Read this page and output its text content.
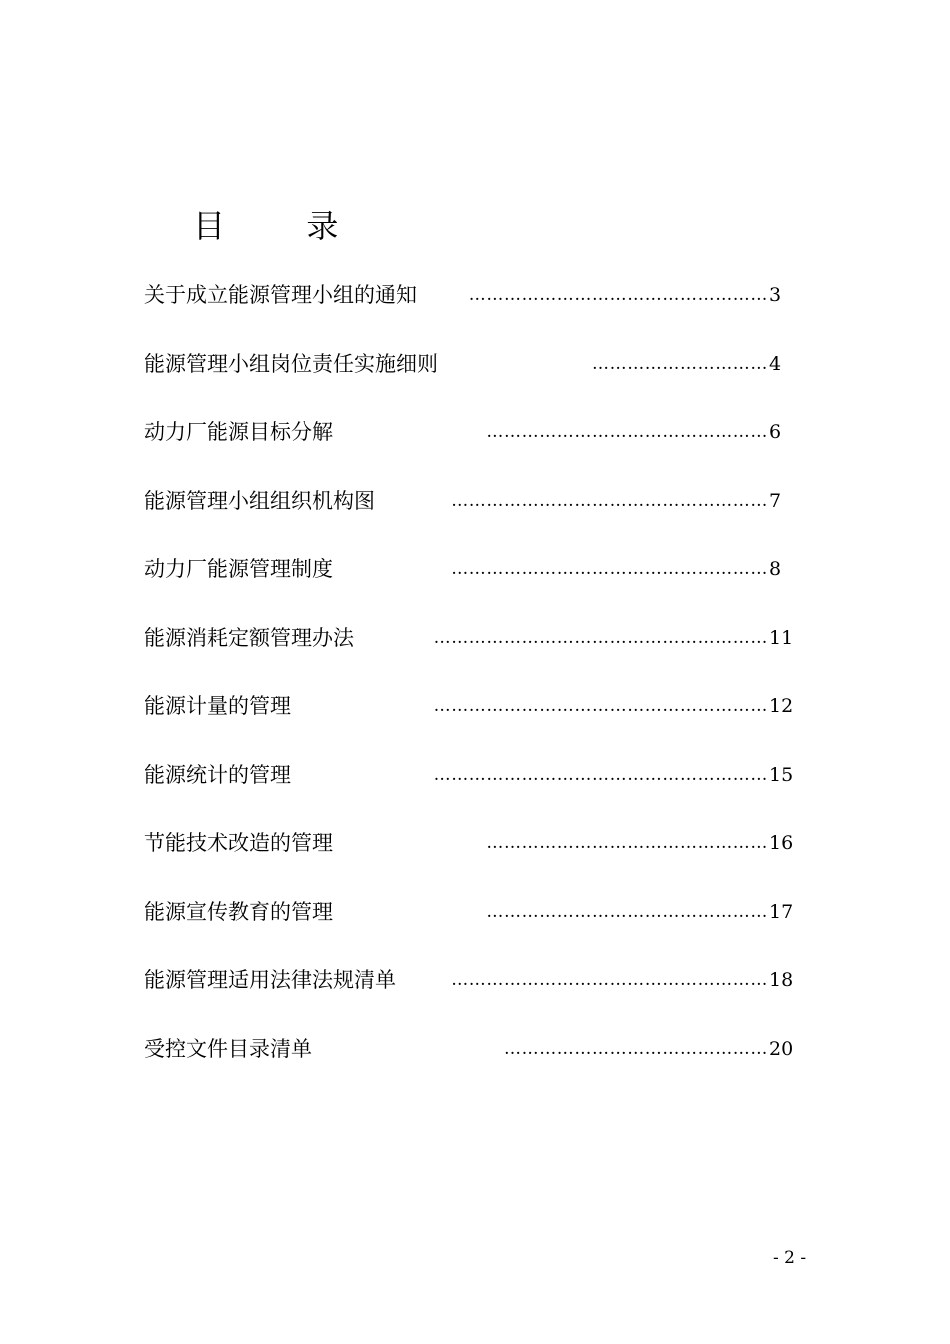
目        录
关于成立能源管理小组的通知	…………………………………………… 3
能源管理小组岗位责任实施细则	………………………… 4
动力厂能源目标分解	………………………………………… 6
能源管理小组组织机构图	……………………………………………… 7
动力厂能源管理制度	……………………………………………… 8
能源消耗定额管理办法	………………………………………………… 11
能源计量的管理	………………………………………………… 12
能源统计的管理	………………………………………………… 15
节能技术改造的管理	………………………………………… 16
能源宣传教育的管理	………………………………………… 17
能源管理适用法律法规清单	……………………………………………… 18
受控文件目录清单	……………………………………… 20
- 2 -
